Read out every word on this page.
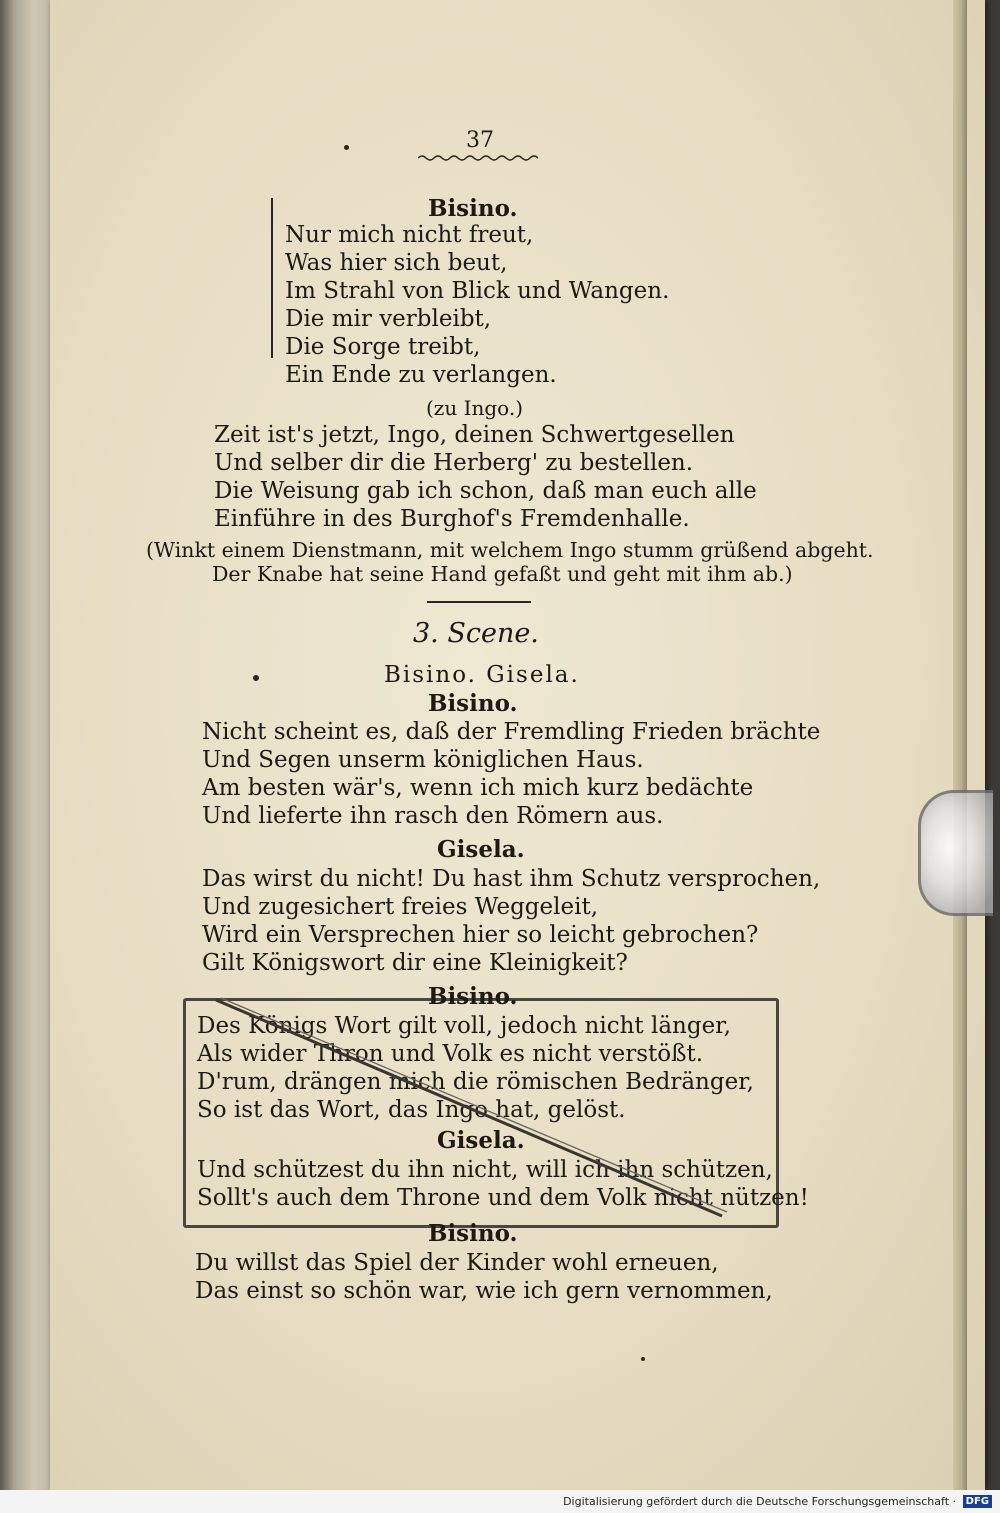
37
Bisino.
Nur mich nicht freut,
Was hier sich beut,
Im Strahl von Blick und Wangen.
Die mir verbleibt,
Die Sorge treibt,
Ein Ende zu verlangen.
(zu Ingo.)
Zeit ist's jetzt, Ingo, deinen Schwertgesellen
Und selber dir die Herberg' zu bestellen.
Die Weisung gab ich schon, daß man euch alle
Einführe in des Burghof's Fremdenhalle.
(Winkt einem Dienstmann, mit welchem Ingo stumm grüßend abgeht.
Der Knabe hat seine Hand gefaßt und geht mit ihm ab.)
3. Scene.
Bisino. Gisela.
Bisino.
Nicht scheint es, daß der Fremdling Frieden brächte
Und Segen unserm königlichen Haus.
Am besten wär's, wenn ich mich kurz bedächte
Und lieferte ihn rasch den Römern aus.
Gisela.
Das wirst du nicht! Du hast ihm Schutz versprochen,
Und zugesichert freies Weggeleit,
Wird ein Versprechen hier so leicht gebrochen?
Gilt Königswort dir eine Kleinigkeit?
Bisino.
Des Königs Wort gilt voll, jedoch nicht länger,
Als wider Thron und Volk es nicht verstößt.
D'rum, drängen mich die römischen Bedränger,
So ist das Wort, das Ingo hat, gelöst.
Gisela.
Und schützest du ihn nicht, will ich ihn schützen,
Sollt's auch dem Throne und dem Volk nicht nützen!
Bisino.
Du willst das Spiel der Kinder wohl erneuen,
Das einst so schön war, wie ich gern vernommen,
Digitalisierung gefördert durch die Deutsche Forschungsgemeinschaft · DFG
